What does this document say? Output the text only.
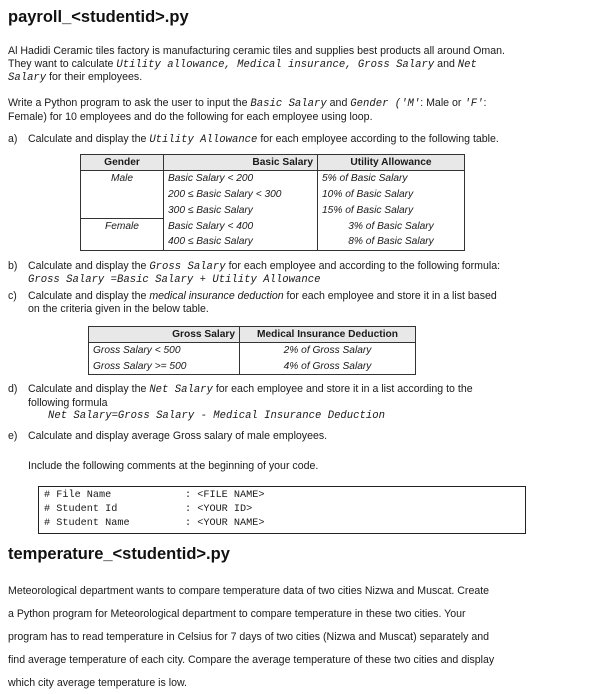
payroll_<studentid>.py
Al Hadidi Ceramic tiles factory is manufacturing ceramic tiles and supplies best products all around Oman.
They want to calculate Utility allowance, Medical insurance, Gross Salary and Net
Salary for their employees.
Write a Python program to ask the user to input the Basic Salary and Gender ('M': Male or 'F':
Female) for 10 employees and do the following for each employee using loop.
a) Calculate and display the Utility Allowance for each employee according to the following table.
Gender	Basic Salary	Utility Allowance
Male	Basic Salary < 200	5% of Basic Salary
	200 ≤ Basic Salary < 300	10% of Basic Salary
	300 ≤ Basic Salary	15% of Basic Salary
Female	Basic Salary < 400	3% of Basic Salary
	400 ≤ Basic Salary	8% of Basic Salary
b) Calculate and display the Gross Salary for each employee and according to the following formula:
Gross Salary =Basic Salary + Utility Allowance
c) Calculate and display the medical insurance deduction for each employee and store it in a list based
on the criteria given in the below table.
Gross Salary	Medical Insurance Deduction
Gross Salary < 500	2% of Gross Salary
Gross Salary >= 500	4% of Gross Salary
d) Calculate and display the Net Salary for each employee and store it in a list according to the
following formula
Net Salary=Gross Salary - Medical Insurance Deduction
e) Calculate and display average Gross salary of male employees.
Include the following comments at the beginning of your code.
# File Name	: <FILE NAME>
# Student Id	: <YOUR ID>
# Student Name	: <YOUR NAME>
temperature_<studentid>.py
Meteorological department wants to compare temperature data of two cities Nizwa and Muscat. Create
a Python program for Meteorological department to compare temperature in these two cities. Your
program has to read temperature in Celsius for 7 days of two cities (Nizwa and Muscat) separately and
find average temperature of each city. Compare the average temperature of these two cities and display
which city average temperature is low.
